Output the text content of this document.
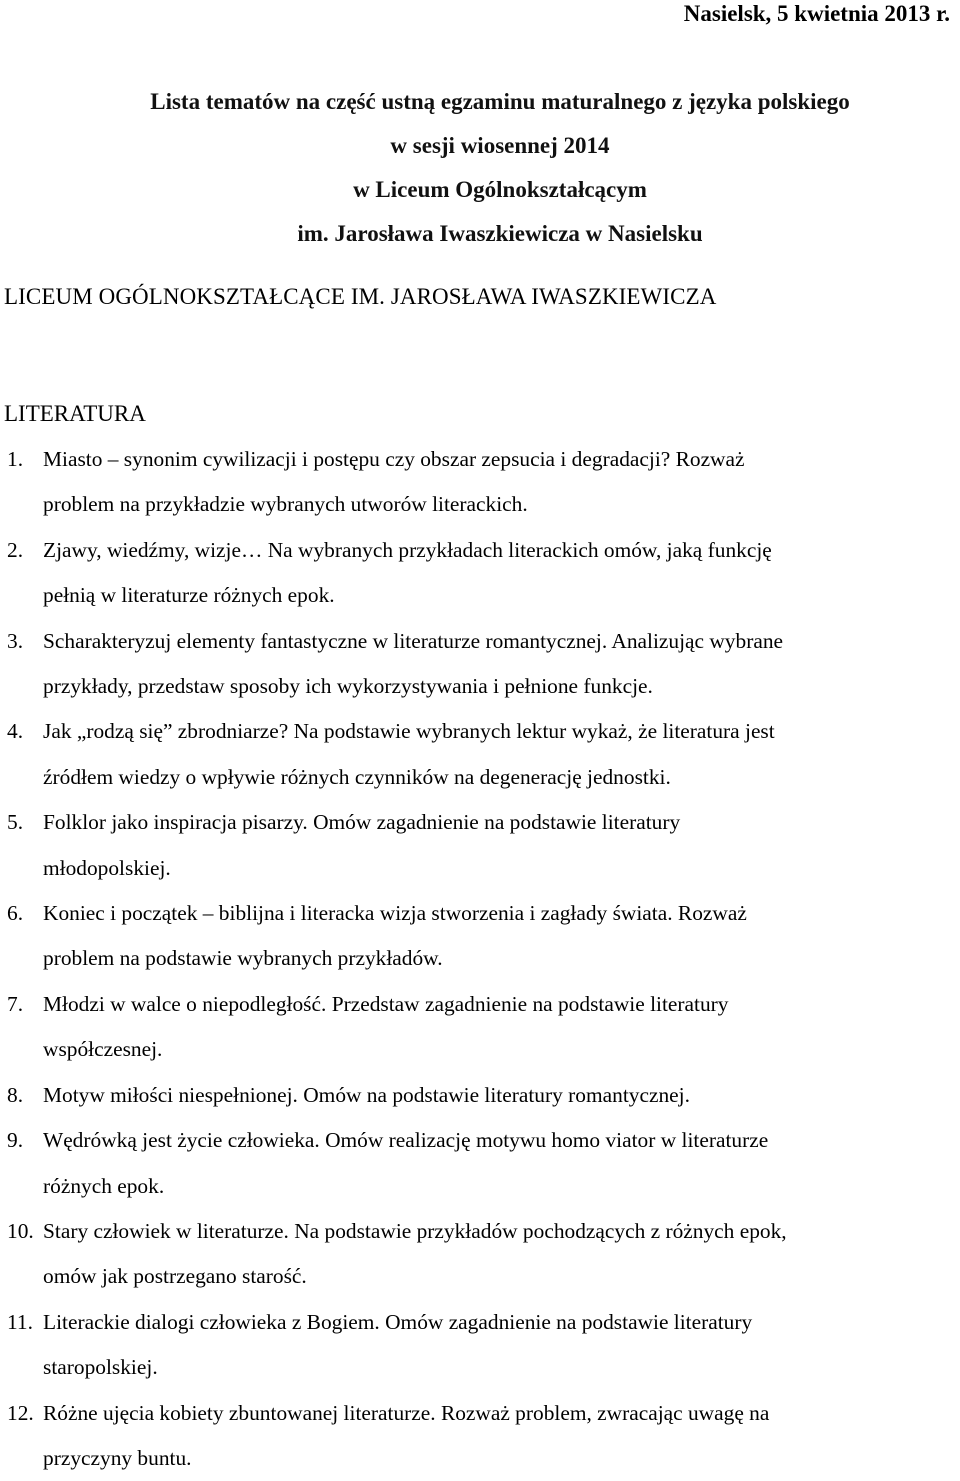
Nasielsk, 5 kwietnia 2013 r.
Lista tematów na część ustną egzaminu maturalnego z języka polskiego
w sesji wiosennej 2014
w Liceum Ogólnokształcącym
im. Jarosława Iwaszkiewicza w Nasielsku
LICEUM OGÓLNOKSZTAŁCĄCE IM. JAROSŁAWA IWASZKIEWICZA
LITERATURA
1. Miasto – synonim cywilizacji i postępu czy obszar zepsucia i degradacji? Rozważ
problem na przykładzie wybranych utworów literackich.
2. Zjawy, wiedźmy, wizje… Na wybranych przykładach literackich omów, jaką funkcję
pełnią w literaturze różnych epok.
3. Scharakteryzuj elementy fantastyczne w literaturze romantycznej. Analizując wybrane
przykłady, przedstaw sposoby ich wykorzystywania i pełnione funkcje.
4. Jak „rodzą się” zbrodniarze? Na podstawie wybranych lektur wykaż, że literatura jest
źródłem wiedzy o wpływie różnych czynników na degenerację jednostki.
5. Folklor jako inspiracja pisarzy. Omów zagadnienie na podstawie literatury
młodopolskiej.
6. Koniec i początek – biblijna i literacka wizja stworzenia i zagłady świata. Rozważ
problem na podstawie wybranych przykładów.
7. Młodzi w walce o niepodległość. Przedstaw zagadnienie na podstawie literatury
współczesnej.
8. Motyw miłości niespełnionej. Omów na podstawie literatury romantycznej.
9. Wędrówką jest życie człowieka. Omów realizację motywu homo viator w literaturze
różnych epok.
10. Stary człowiek w literaturze. Na podstawie przykładów pochodzących z różnych epok,
omów jak postrzegano starość.
11. Literackie dialogi człowieka z Bogiem. Omów zagadnienie na podstawie literatury
staropolskiej.
12. Różne ujęcia kobiety zbuntowanej literaturze. Rozważ problem, zwracając uwagę na
przyczyny buntu.
